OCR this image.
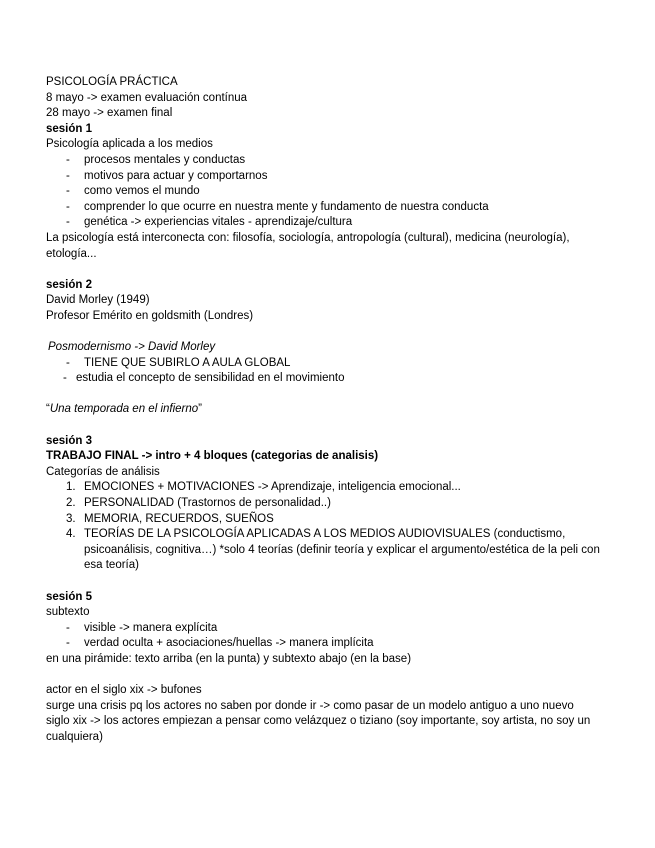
PSICOLOGÍA PRÁCTICA

8 mayo -> examen evaluación contínua

28 mayo -> examen final

sesión 1

Psicología aplicada a los medios

- procesos mentales y conductas
- motivos para actuar y comportarnos
- como vemos el mundo
- comprender lo que ocurre en nuestra mente y fundamento de nuestra conducta
- genética -> experiencias vitales - aprendizaje/cultura

La psicología está interconecta con: filosofía, sociología, antropología (cultural), medicina (neurología), etología...

sesión 2

David Morley (1949)

Profesor Emérito en goldsmith (Londres)

Posmodernismo -> David Morley

- TIENE QUE SUBIRLO A AULA GLOBAL
- estudia el concepto de sensibilidad en el movimiento

“Una temporada en el infierno”

sesión 3

TRABAJO FINAL -> intro + 4 bloques (categorias de analisis)

Categorías de análisis

1. EMOCIONES + MOTIVACIONES -> Aprendizaje, inteligencia emocional...
2. PERSONALIDAD (Trastornos de personalidad..)
3. MEMORIA, RECUERDOS, SUEÑOS
4. TEORÍAS DE LA PSICOLOGÍA APLICADAS A LOS MEDIOS AUDIOVISUALES (conductismo, psicoanálisis, cognitiva…) *solo 4 teorías (definir teoría y explicar el argumento/estética de la peli con esa teoría)

sesión 5

subtexto

- visible -> manera explícita
- verdad oculta + asociaciones/huellas -> manera implícita

en una pirámide: texto arriba (en la punta) y subtexto abajo (en la base)

actor en el siglo xix -> bufones

surge una crisis pq los actores no saben por donde ir -> como pasar de un modelo antiguo a uno nuevo

siglo xix -> los actores empiezan a pensar como velázquez o tiziano (soy importante, soy artista, no soy un cualquiera)
